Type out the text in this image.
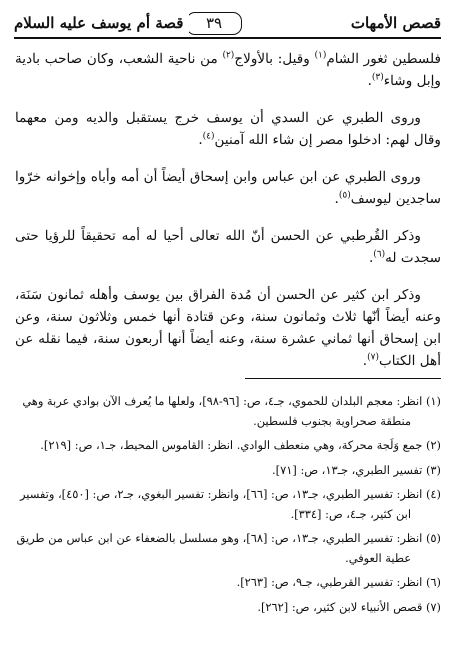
قصص الأمهات
٣٩
قصة أم يوسف عليه السلام

فلسطين ثغور الشام$^{(١)}$ وقيل: بالأولاج$^{(٢)}$ من ناحية الشعب، وكان صاحب بادية وإبل وشاء$^{(٣)}$.

وروى الطبري عن السدي أن يوسف خرج يستقبل والديه ومن معهما وقال لهم: ادخلوا مصر إن شاء الله آمنين$^{(٤)}$.

وروى الطبري عن ابن عباس وابن إسحاق أيضاً أن أمه وأباه وإخوانه خرّوا ساجدين ليوسف$^{(٥)}$.

وذكر القُرطبي عن الحسن أنّ الله تعالى أحيا له أمه تحقيقاً للرؤيا حتى سجدت له$^{(٦)}$.

وذكر ابن كثير عن الحسن أن مُدة الفراق بين يوسف وأهله ثمانون سَنَة، وعنه أيضاً أنّها ثلاث وثمانون سنة، وعن قتادة أنها خمس وثلاثون سنة، وعن ابن إسحاق أنها ثماني عشرة سنة، وعنه أيضاً أنها أربعون سنة، فيما نقله عن أهل الكتاب$^{(٧)}$.

(١) انظر: معجم البلدان للحموي، جـ٤، ص: [٩٦-٩٨]، ولعلها ما يُعرف الآن بوادي عربة وهي منطقة صحراوية بجنوب فلسطين.
(٢) جمع وَلَجة محركة، وهي منعطف الوادي. انظر: القاموس المحيط، جـ١، ص: [٢١٩].
(٣) تفسير الطبري، جـ١٣، ص: [٧١].
(٤) انظر: تفسير الطبري، جـ١٣، ص: [٦٦]، وانظر: تفسير البغوي، جـ٢، ص: [٤٥٠]، وتفسير ابن كثير، جـ٤، ص: [٣٣٤].
(٥) انظر: تفسير الطبري، جـ١٣، ص: [٦٨]، وهو مسلسل بالضعفاء عن ابن عباس من طريق عطية العوفي.
(٦) انظر: تفسير القرطبي، جـ٩، ص: [٢٦٣].
(٧) قصص الأنبياء لابن كثير، ص: [٢٦٢].
